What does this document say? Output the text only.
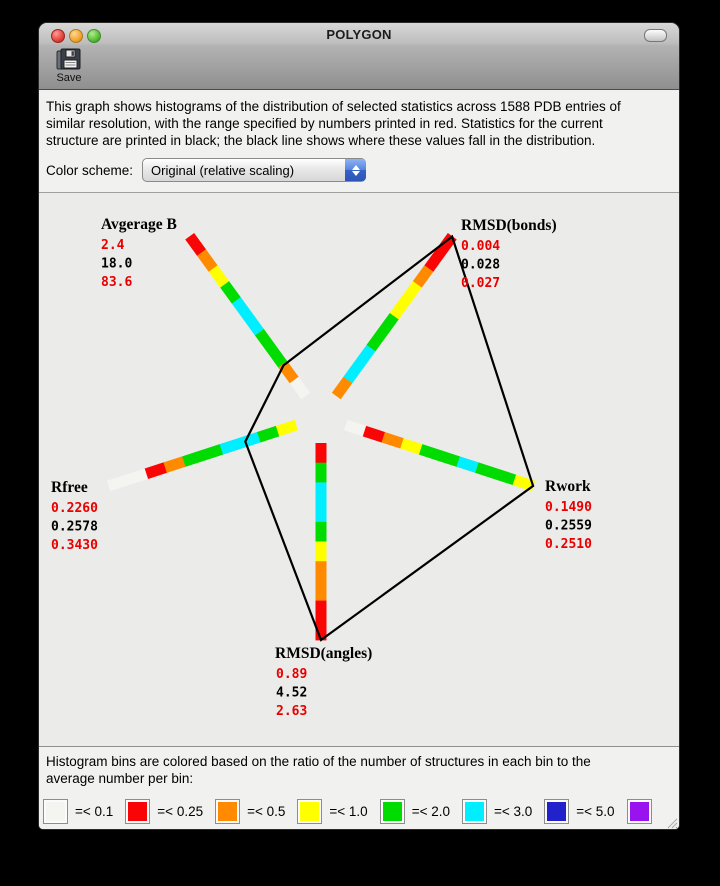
POLYGON
Save
This graph shows histograms of the distribution of selected statistics across 1588 PDB entries of
similar resolution, with the range specified by numbers printed in red. Statistics for the current
structure are printed in black; the black line shows where these values fall in the distribution.
Color scheme:	Original (relative scaling)
Avgerage B
2.4
18.0
83.6
RMSD(bonds)
0.004
0.028
0.027
Rwork
0.1490
0.2559
0.2510
RMSD(angles)
0.89
4.52
2.63
Rfree
0.2260
0.2578
0.3430
Histogram bins are colored based on the ratio of the number of structures in each bin to the
average number per bin:
=< 0.1	=< 0.25	=< 0.5	=< 1.0	=< 2.0	=< 3.0	=< 5.0
